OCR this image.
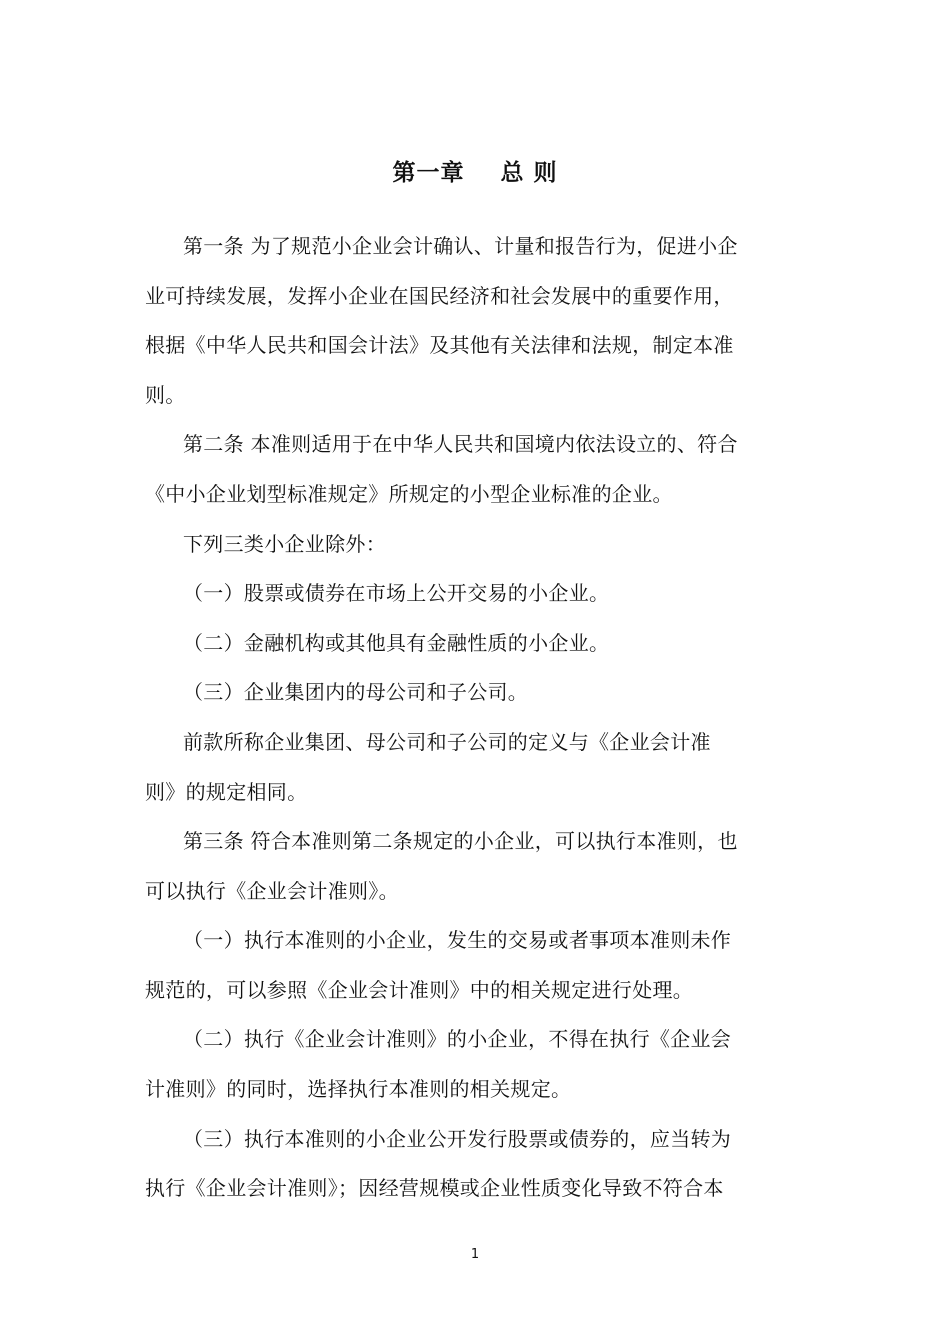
第一章    总 则
第一条 为了规范小企业会计确认、计量和报告行为，促进小企
业可持续发展，发挥小企业在国民经济和社会发展中的重要作用，
根据《中华人民共和国会计法》及其他有关法律和法规，制定本准
则。
第二条 本准则适用于在中华人民共和国境内依法设立的、符合
《中小企业划型标准规定》所规定的小型企业标准的企业。
下列三类小企业除外：
（一）股票或债券在市场上公开交易的小企业。
（二）金融机构或其他具有金融性质的小企业。
（三）企业集团内的母公司和子公司。
前款所称企业集团、母公司和子公司的定义与《企业会计准
则》的规定相同。
第三条 符合本准则第二条规定的小企业，可以执行本准则，也
可以执行《企业会计准则》。
（一）执行本准则的小企业，发生的交易或者事项本准则未作
规范的，可以参照《企业会计准则》中的相关规定进行处理。
（二）执行《企业会计准则》的小企业，不得在执行《企业会
计准则》的同时，选择执行本准则的相关规定。
（三）执行本准则的小企业公开发行股票或债券的，应当转为
执行《企业会计准则》；因经营规模或企业性质变化导致不符合本
1
